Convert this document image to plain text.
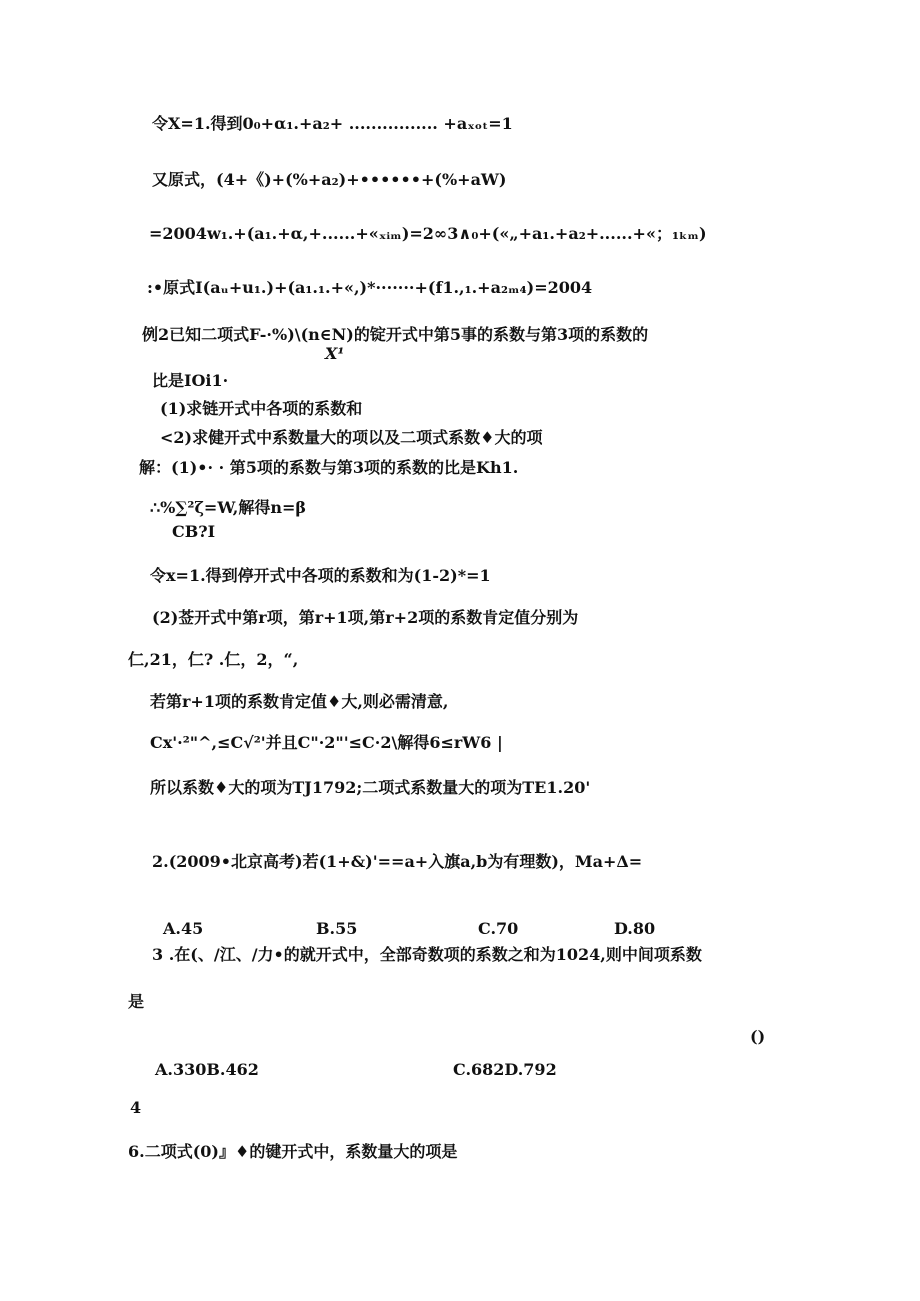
令X=1.得到0₀+α₁.+a₂+ ................ +aₓₒₜ=1
又原式，(4+《)+(%+a₂)+••••••+(%+aW)
=2004w₁.+(a₁.+α,+......+«ₓᵢₘ)=2∞3∧₀+(«„+a₁.+a₂+......+«；₁ₖₘ)
:•原式I(aᵤ+u₁.)+(a₁.₁.+«,)*·······+(f1.,₁.+a₂ₘ₄)=2004
例2已知二项式F-·%)\(n∈N)的锭开式中第5事的系数与第3项的系数的
X¹
比是IOi1·
(1)求链开式中各项的系数和
<2)求健开式中系数量大的项以及二项式系数♦大的项
解：(1)•· · 第5项的系数与第3项的系数的比是Kh1.
∴%∑²ζ=W,解得n=β
CB?I
令x=1.得到停开式中各项的系数和为(1-2)*=1
(2)莶开式中第r项，第r+1项,第r+2项的系数肯定值分别为
仁,21，仁? .仁，2，“,
若第r+1项的系数肯定值♦大,则必需清意,
Cx'·²"^,≤C√²'并且C"·2"'≤C·2\解得6≤rW6 |
所以系数♦大的项为TJ1792;二项式系数量大的项为TE1.20'
2.(2009•北京高考)若(1+&)'==a+入旗a,b为有理数)，Ma+Δ=
A.45	B.55	C.70	D.80
3 .在(、/江、/力•的就开式中，全部奇数项的系数之和为1024,则中间项系数
是
()
A.330B.462	C.682D.792
4
6.二项式(0)』♦的键开式中，系数量大的项是
